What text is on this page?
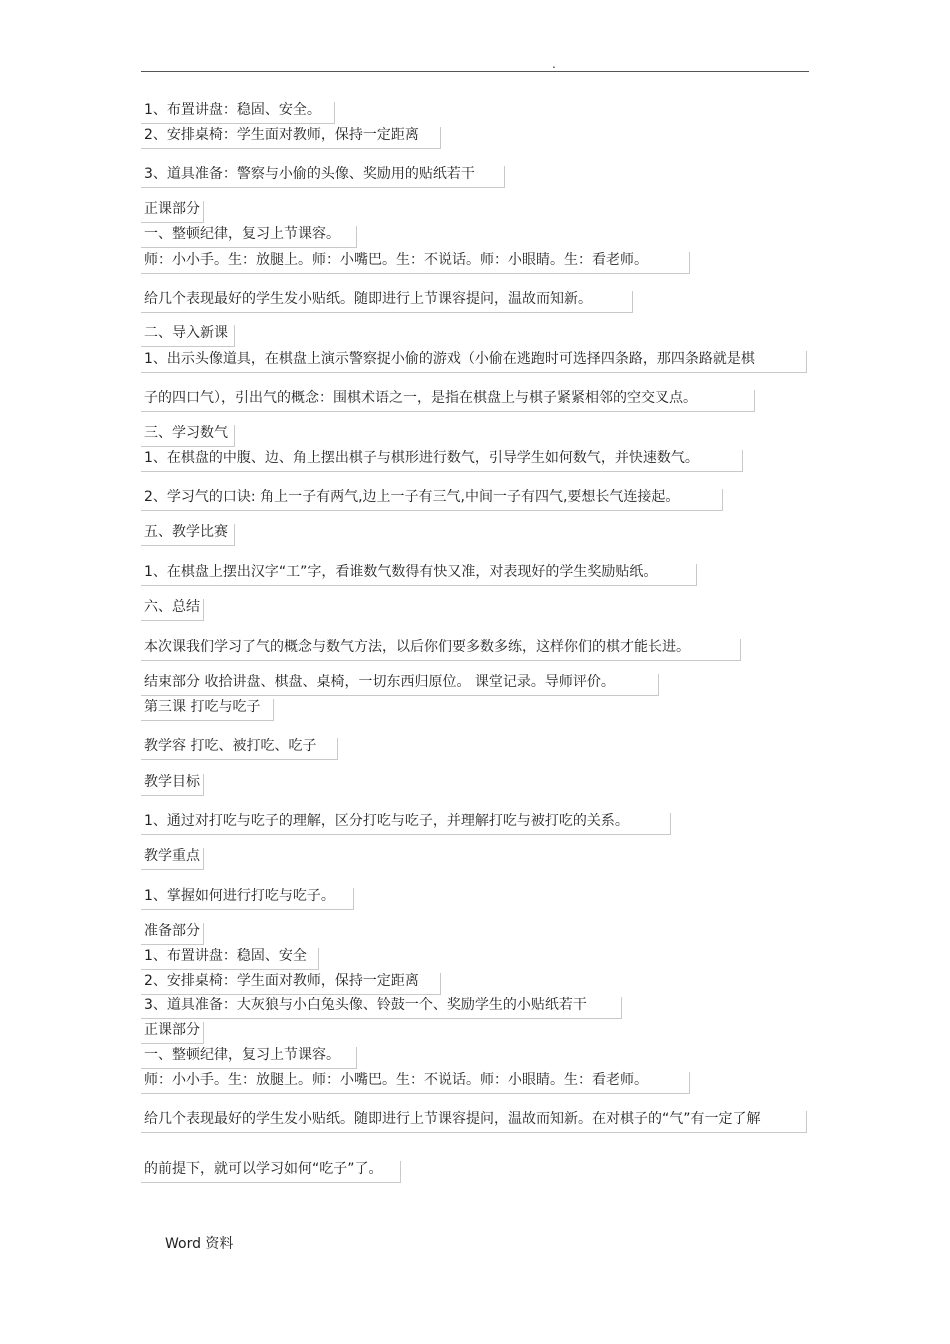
.
1、布置讲盘：稳固、安全。
2、安排桌椅：学生面对教师，保持一定距离
3、道具准备：警察与小偷的头像、奖励用的贴纸若干
正课部分
一、整顿纪律，复习上节课容。
师：小小手。生：放腿上。师：小嘴巴。生：不说话。师：小眼睛。生：看老师。
给几个表现最好的学生发小贴纸。随即进行上节课容提问，温故而知新。
二、导入新课
1、出示头像道具，在棋盘上演示警察捉小偷的游戏（小偷在逃跑时可选择四条路，那四条路就是棋
子的四口气），引出气的概念：围棋术语之一，是指在棋盘上与棋子紧紧相邻的空交叉点。
三、学习数气
1、在棋盘的中腹、边、角上摆出棋子与棋形进行数气，引导学生如何数气，并快速数气。
2、学习气的口诀: 角上一子有两气,边上一子有三气,中间一子有四气,要想长气连接起。
五、教学比赛
1、在棋盘上摆出汉字“工”字，看谁数气数得有快又准，对表现好的学生奖励贴纸。
六、总结
本次课我们学习了气的概念与数气方法，以后你们要多数多练，这样你们的棋才能长进。
结束部分 收拾讲盘、棋盘、桌椅，一切东西归原位。 课堂记录。导师评价。
第三课 打吃与吃子
教学容 打吃、被打吃、吃子
教学目标
1、通过对打吃与吃子的理解，区分打吃与吃子，并理解打吃与被打吃的关系。
教学重点
1、掌握如何进行打吃与吃子。
准备部分
1、布置讲盘：稳固、安全
2、安排桌椅：学生面对教师，保持一定距离
3、道具准备：大灰狼与小白兔头像、铃鼓一个、奖励学生的小贴纸若干
正课部分
一、整顿纪律，复习上节课容。
师：小小手。生：放腿上。师：小嘴巴。生：不说话。师：小眼睛。生：看老师。
给几个表现最好的学生发小贴纸。随即进行上节课容提问，温故而知新。在对棋子的“气”有一定了解
的前提下，就可以学习如何“吃子”了。
Word 资料
